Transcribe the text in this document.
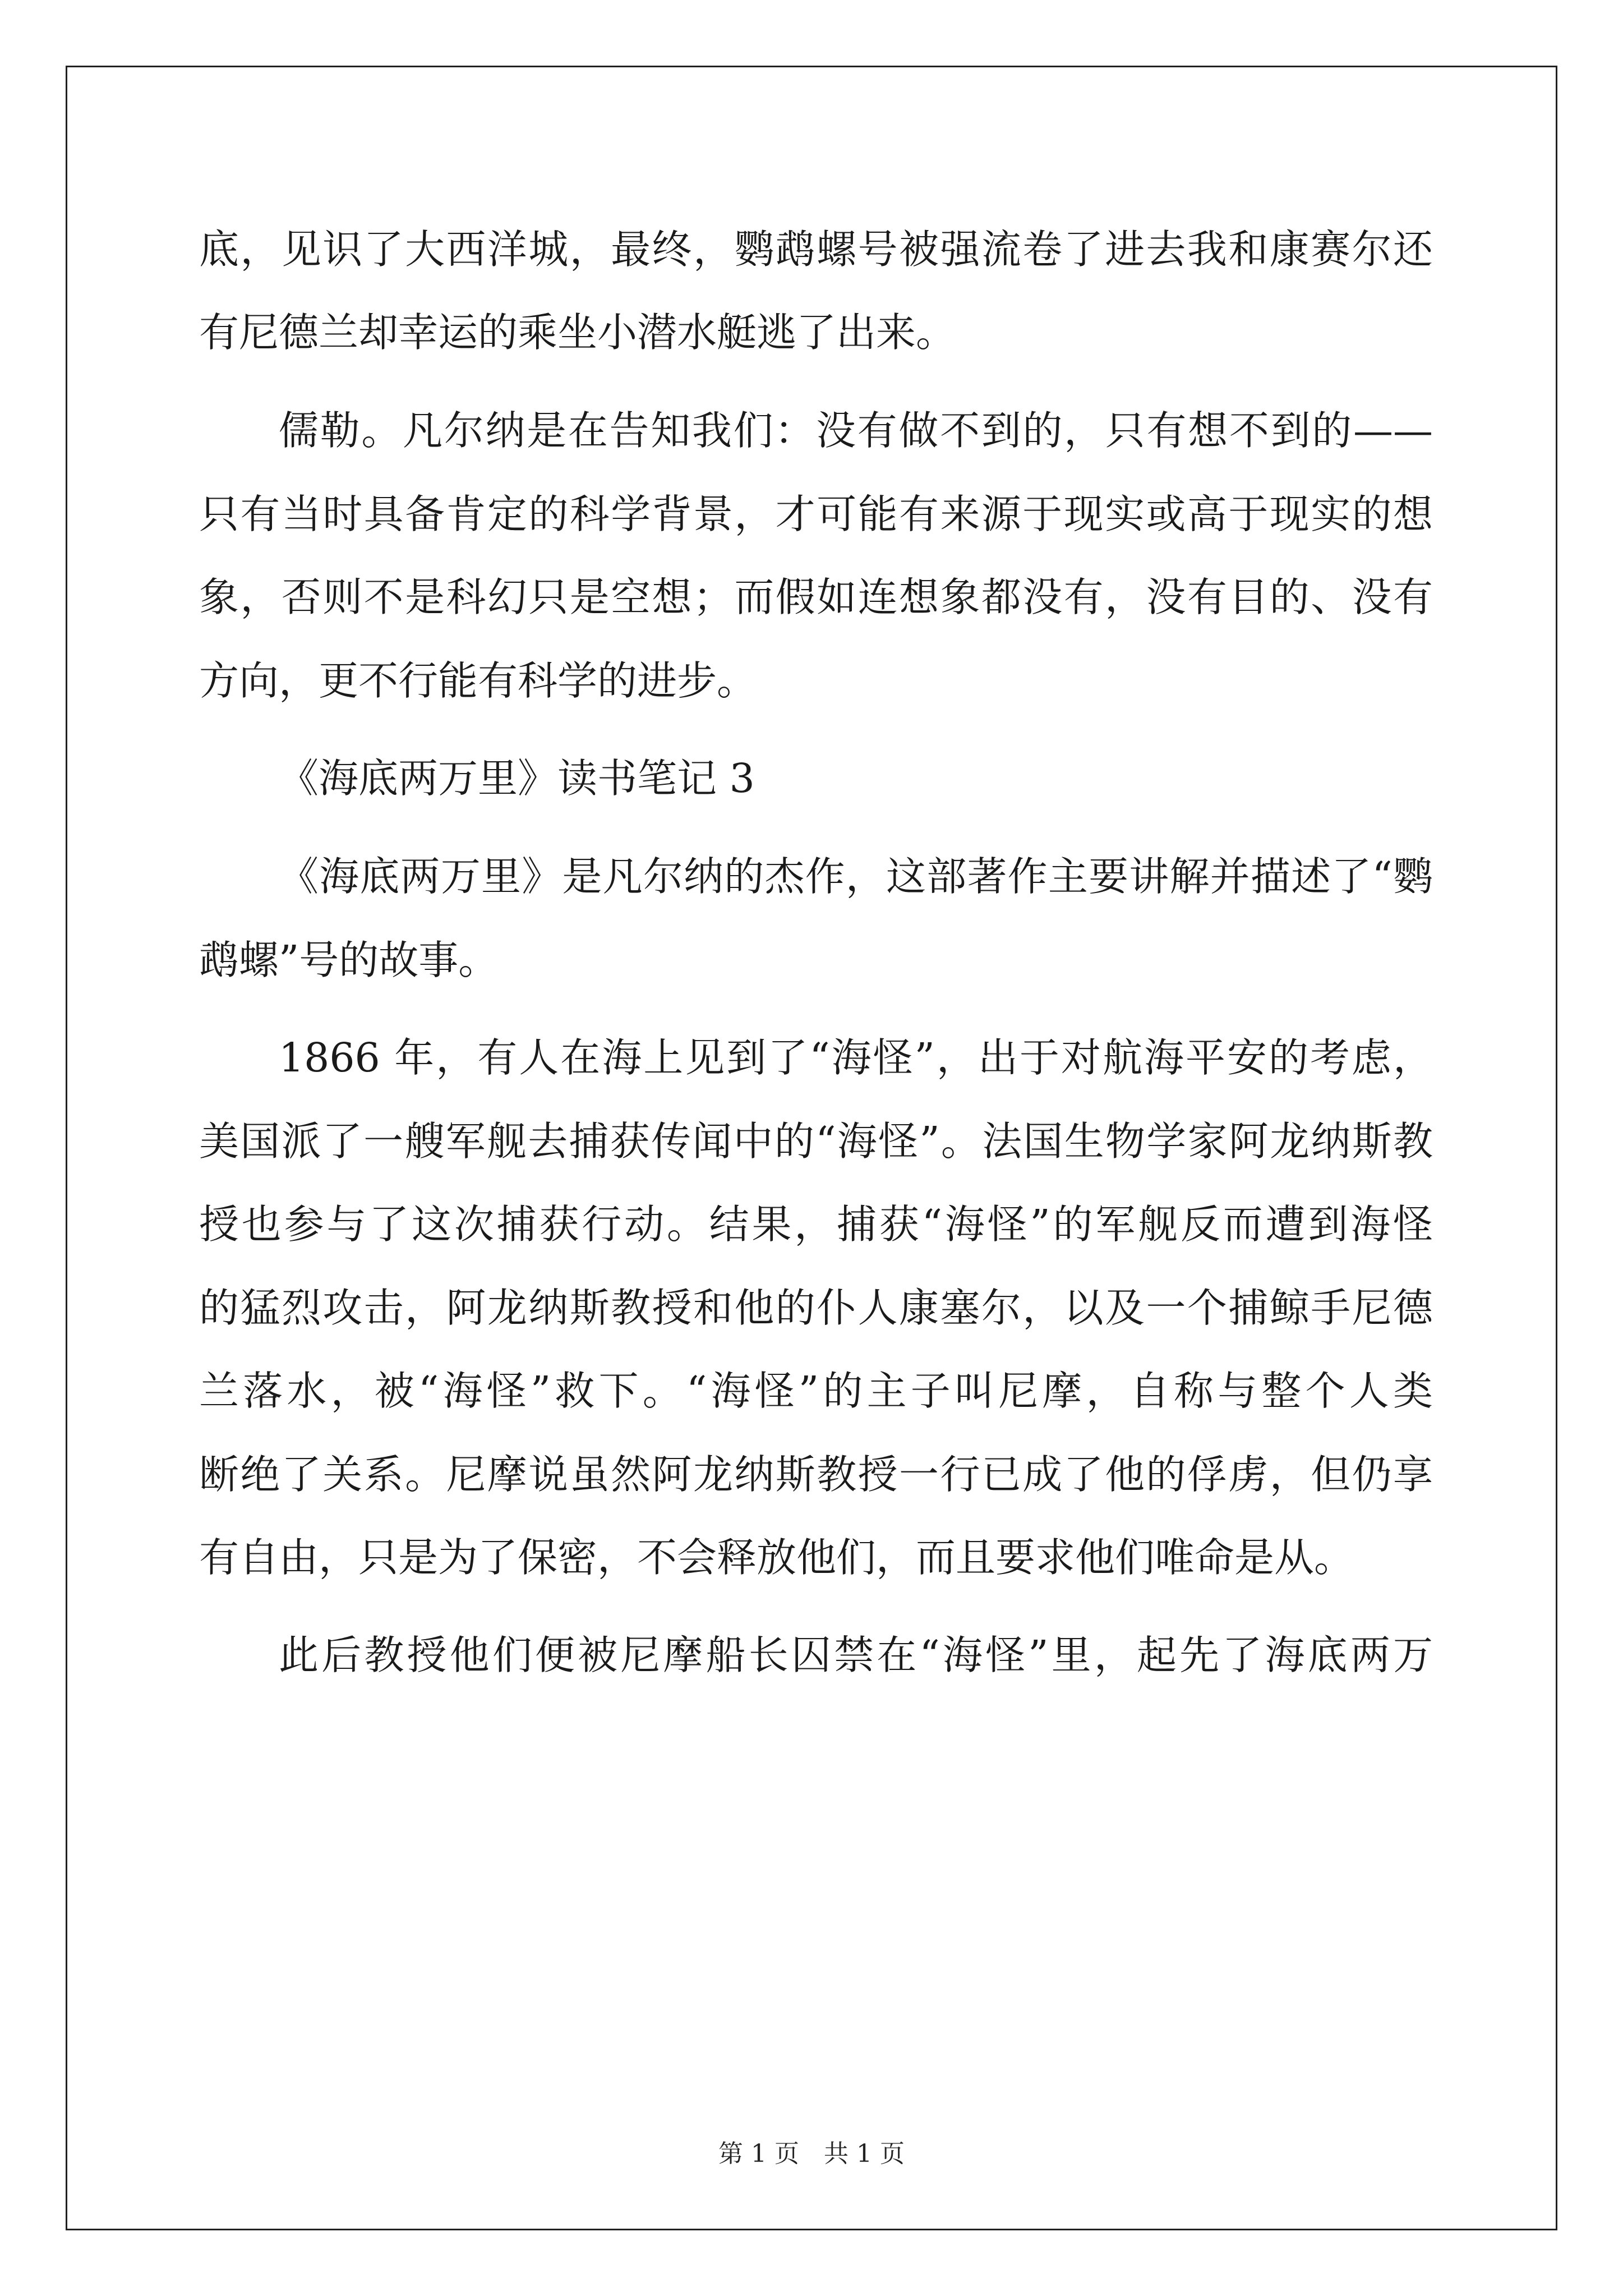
底，见识了大西洋城，最终，鹦鹉螺号被强流卷了进去我和康赛尔还
有尼德兰却幸运的乘坐小潜水艇逃了出来。
儒勒。凡尔纳是在告知我们：没有做不到的，只有想不到的——
只有当时具备肯定的科学背景，才可能有来源于现实或高于现实的想
象，否则不是科幻只是空想；而假如连想象都没有，没有目的、没有
方向，更不行能有科学的进步。
《海底两万里》读书笔记 3
《海底两万里》是凡尔纳的杰作，这部著作主要讲解并描述了“鹦
鹉螺”号的故事。
1866 年，有人在海上见到了“海怪”，出于对航海平安的考虑，
美国派了一艘军舰去捕获传闻中的“海怪”。法国生物学家阿龙纳斯教
授也参与了这次捕获行动。结果，捕获“海怪”的军舰反而遭到海怪
的猛烈攻击，阿龙纳斯教授和他的仆人康塞尔，以及一个捕鲸手尼德
兰落水，被“海怪”救下。“海怪”的主子叫尼摩，自称与整个人类
断绝了关系。尼摩说虽然阿龙纳斯教授一行已成了他的俘虏，但仍享
有自由，只是为了保密，不会释放他们，而且要求他们唯命是从。
此后教授他们便被尼摩船长囚禁在“海怪”里，起先了海底两万
第 1 页　共 1 页
